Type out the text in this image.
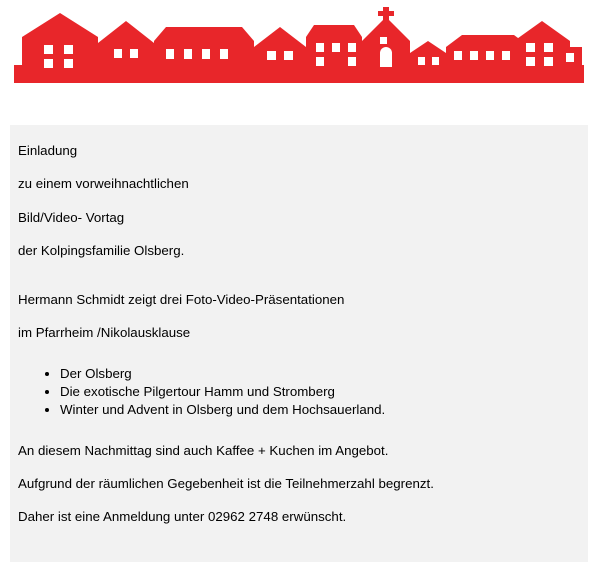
Einladung

zu einem vorweihnachtlichen

Bild/Video- Vortag

der Kolpingsfamilie Olsberg.

Hermann Schmidt zeigt drei Foto-Video-Präsentationen

im Pfarrheim /Nikolausklause

• Der Olsberg
• Die exotische Pilgertour Hamm und Stromberg
• Winter und Advent in Olsberg und dem Hochsauerland.

An diesem Nachmittag sind auch Kaffee + Kuchen im Angebot.

Aufgrund der räumlichen Gegebenheit ist die Teilnehmerzahl begrenzt.

Daher ist eine Anmeldung unter 02962 2748 erwünscht.
